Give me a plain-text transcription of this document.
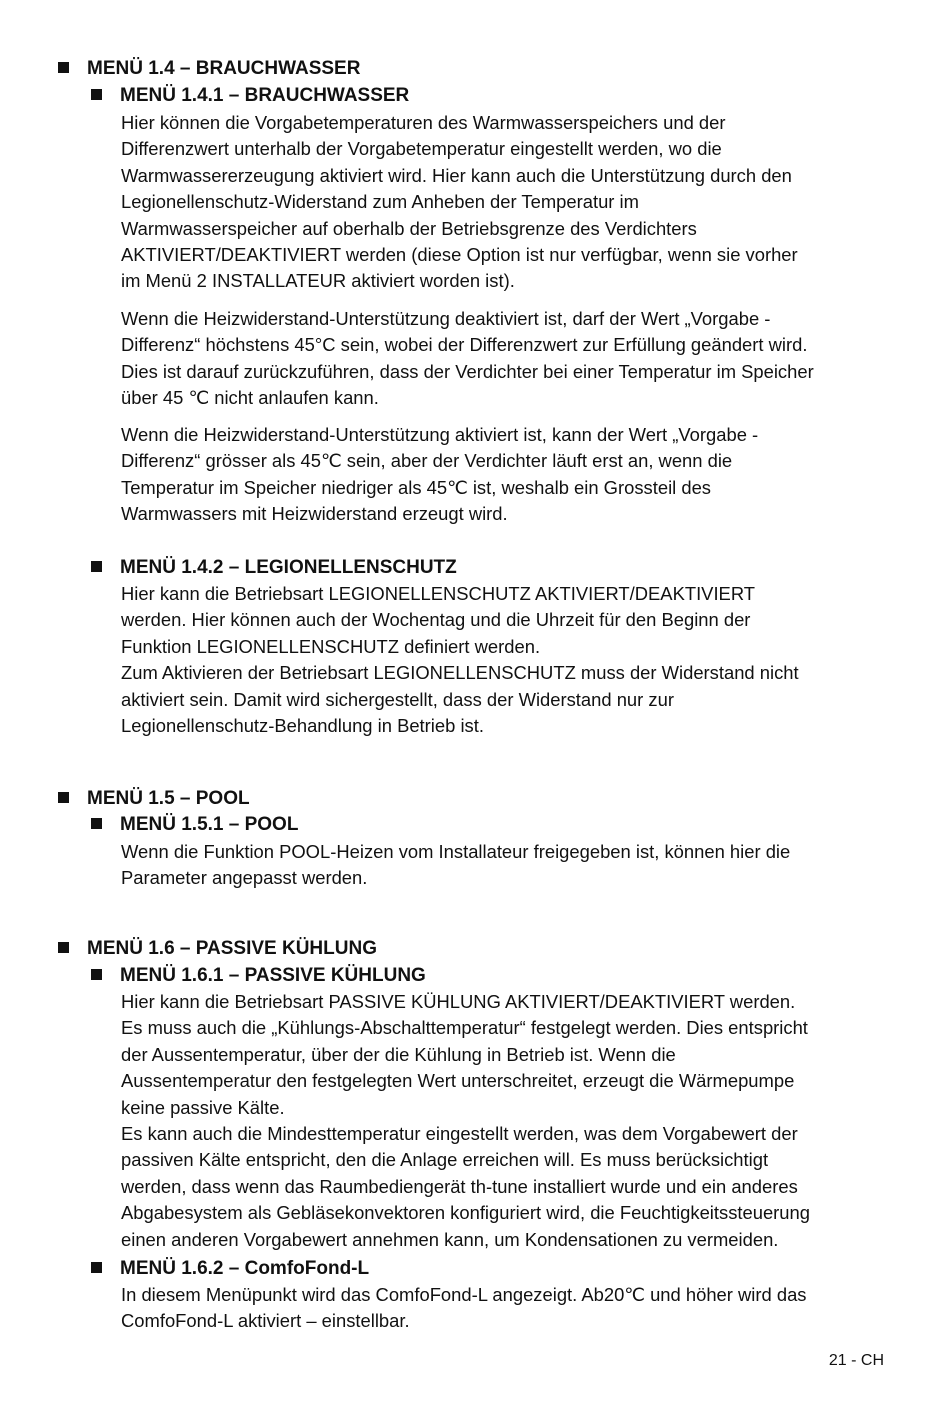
MENÜ 1.4 – BRAUCHWASSER
MENÜ 1.4.1 – BRAUCHWASSER
Hier können die Vorgabetemperaturen des Warmwasserspeichers und der
Differenzwert unterhalb der Vorgabetemperatur eingestellt werden, wo die
Warmwassererzeugung aktiviert wird. Hier kann auch die Unterstützung durch den
Legionellenschutz-Widerstand zum Anheben der Temperatur im
Warmwasserspeicher auf oberhalb der Betriebsgrenze des Verdichters
AKTIVIERT/DEAKTIVIERT werden (diese Option ist nur verfügbar, wenn sie vorher
im Menü 2 INSTALLATEUR aktiviert worden ist).
Wenn die Heizwiderstand-Unterstützung deaktiviert ist, darf der Wert „Vorgabe -
Differenz“ höchstens 45°C sein, wobei der Differenzwert zur Erfüllung geändert wird.
Dies ist darauf zurückzuführen, dass der Verdichter bei einer Temperatur im Speicher
über 45 ℃ nicht anlaufen kann.
Wenn die Heizwiderstand-Unterstützung aktiviert ist, kann der Wert „Vorgabe -
Differenz“ grösser als 45℃ sein, aber der Verdichter läuft erst an, wenn die
Temperatur im Speicher niedriger als 45℃ ist, weshalb ein Grossteil des
Warmwassers mit Heizwiderstand erzeugt wird.
MENÜ 1.4.2 – LEGIONELLENSCHUTZ
Hier kann die Betriebsart LEGIONELLENSCHUTZ AKTIVIERT/DEAKTIVIERT
werden. Hier können auch der Wochentag und die Uhrzeit für den Beginn der
Funktion LEGIONELLENSCHUTZ definiert werden.
Zum Aktivieren der Betriebsart LEGIONELLENSCHUTZ muss der Widerstand nicht
aktiviert sein. Damit wird sichergestellt, dass der Widerstand nur zur
Legionellenschutz-Behandlung in Betrieb ist.
MENÜ 1.5 – POOL
MENÜ 1.5.1 – POOL
Wenn die Funktion POOL-Heizen vom Installateur freigegeben ist, können hier die
Parameter angepasst werden.
MENÜ 1.6 – PASSIVE KÜHLUNG
MENÜ 1.6.1 – PASSIVE KÜHLUNG
Hier kann die Betriebsart PASSIVE KÜHLUNG AKTIVIERT/DEAKTIVIERT werden.
Es muss auch die „Kühlungs-Abschalttemperatur“ festgelegt werden. Dies entspricht
der Aussentemperatur, über der die Kühlung in Betrieb ist. Wenn die
Aussentemperatur den festgelegten Wert unterschreitet, erzeugt die Wärmepumpe
keine passive Kälte.
Es kann auch die Mindesttemperatur eingestellt werden, was dem Vorgabewert der
passiven Kälte entspricht, den die Anlage erreichen will. Es muss berücksichtigt
werden, dass wenn das Raumbediengerät th-tune installiert wurde und ein anderes
Abgabesystem als Gebläsekonvektoren konfiguriert wird, die Feuchtigkeitssteuerung
einen anderen Vorgabewert annehmen kann, um Kondensationen zu vermeiden.
MENÜ 1.6.2 – ComfoFond-L
In diesem Menüpunkt wird das ComfoFond-L angezeigt. Ab20℃ und höher wird das
ComfoFond-L aktiviert – einstellbar.
21 - CH
